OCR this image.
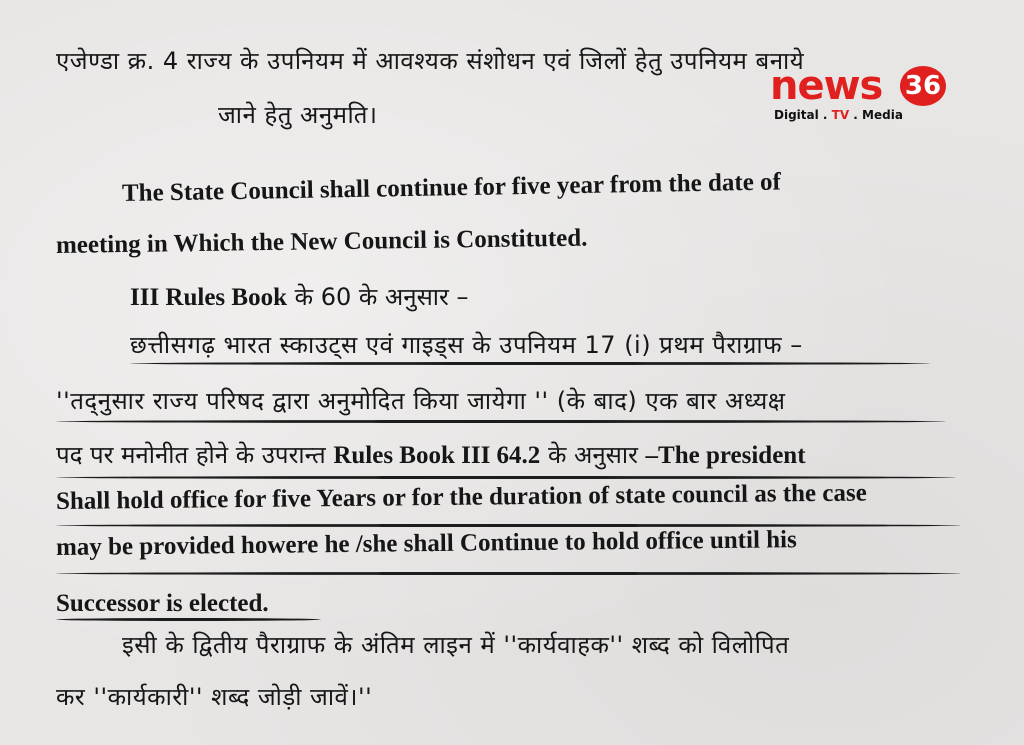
एजेण्डा क्र. 4 राज्य के उपनियम में आवश्यक संशोधन एवं जिलों हेतु उपनियम बनाये
जाने हेतु अनुमति।
The State Council shall continue for five year from the date of
meeting in Which the New Council is Constituted.
III Rules Book के 60 के अनुसार –
छत्तीसगढ़ भारत स्काउट्स एवं गाइड्स के उपनियम 17 (i) प्रथम पैराग्राफ –
''तद्नुसार राज्य परिषद द्वारा अनुमोदित किया जायेगा '' (के बाद) एक बार अध्यक्ष
पद पर मनोनीत होने के उपरान्त Rules Book III 64.2 के अनुसार –The president
Shall hold office for five Years or for the duration of state council as the case
may be provided howere he /she shall Continue to hold office until his
Successor is elected.
इसी के द्वितीय पैराग्राफ के अंतिम लाइन में ''कार्यवाहक'' शब्द को विलोपित
कर ''कार्यकारी'' शब्द जोड़ी जावें।''
news 36
Digital . TV . Media
